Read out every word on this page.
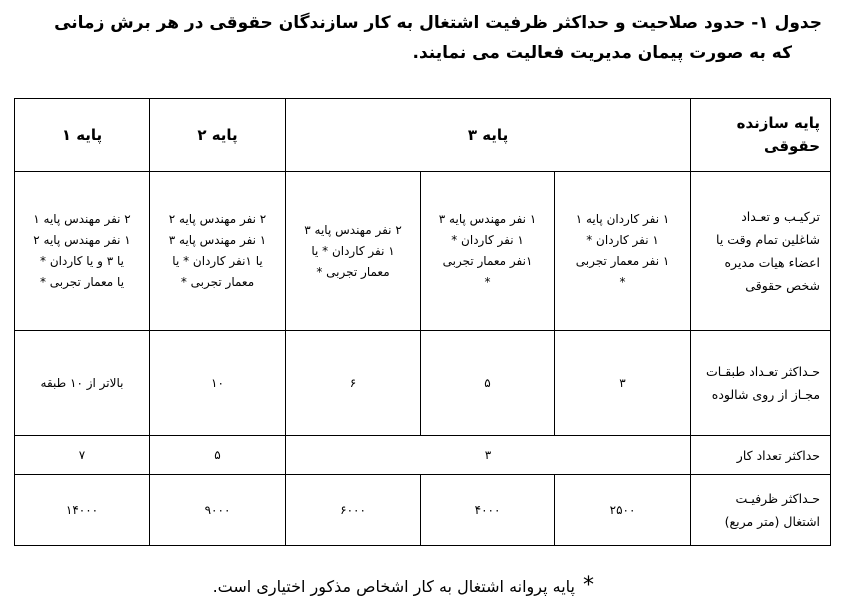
جدول ۱- حدود صلاحیت و حداکثر ظرفیت اشتغال به کار سازندگان حقوقی در هر برش زمانی
که به صورت پیمان مدیریت فعالیت می نمایند.
پایه سازنده حقوقی	پایه ۳			پایه ۲	پایه ۱
ترکیـب و تعـداد شاغلین تمام وقت یا اعضاء هیات مدیره شخص حقوقی	۱ نفر کاردان پایه ۱
۱ نفر کاردان *
۱ نفر معمار تجربی
*	۱ نفر مهندس پایه ۳
۱ نفر کاردان *
۱نفر معمار تجربی
*	۲ نفر مهندس پایه ۳
۱ نفر کاردان * یا
معمار تجربی *	۲ نفر مهندس پایه ۲
۱ نفر مهندس پایه ۳
یا ۱نفر کاردان * یا
معمار تجربی *	۲ نفر مهندس پایه ۱
۱ نفر مهندس پایه ۲
یا ۳ و یا کاردان *
یا معمار تجربی *

حـداکثر تعـداد طبقـات مجـاز از روی شالوده	۳	۵	۶	۱۰	بالاتر از ۱۰ طبقه
حداکثر تعداد کار	۳			۵	۷
حـداکثر ظرفیـت اشتغال (متر مربع)	۲۵۰۰	۴۰۰۰	۶۰۰۰	۹۰۰۰	۱۴۰۰۰
*پایه پروانه اشتغال به کار اشخاص مذکور اختیاری است.
